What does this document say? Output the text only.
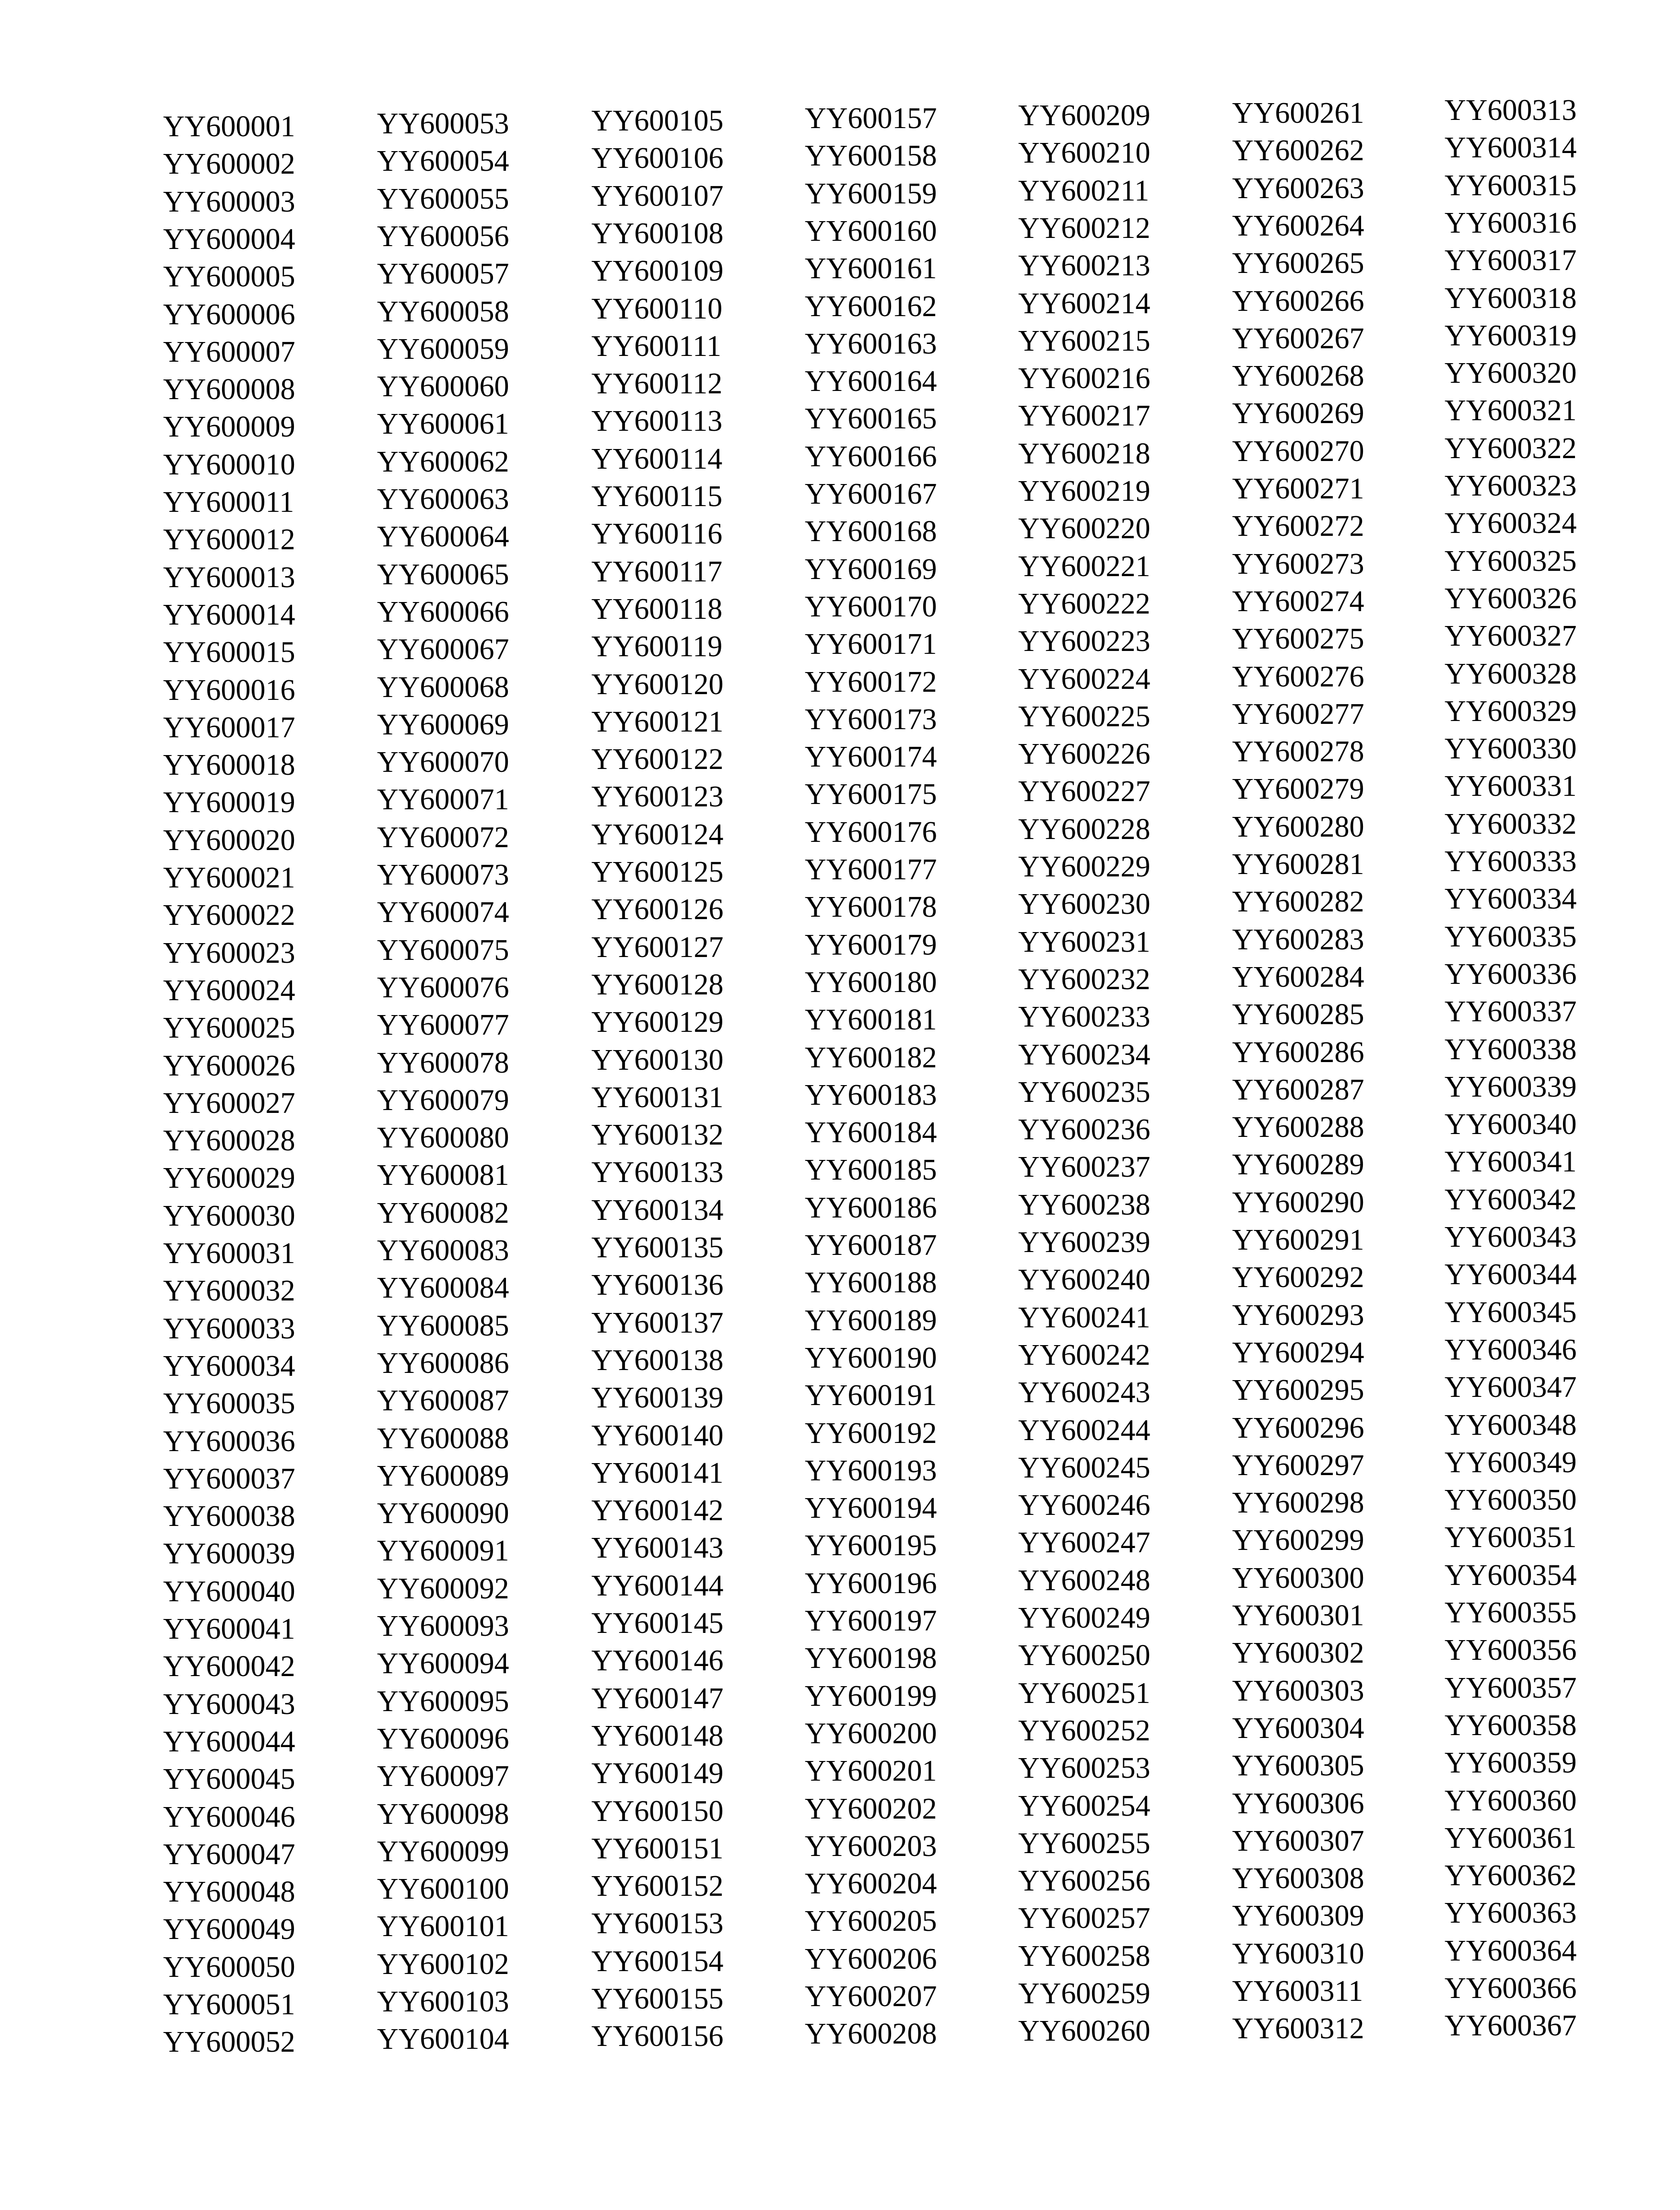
YY600001
YY600002
YY600003
YY600004
YY600005
YY600006
YY600007
YY600008
YY600009
YY600010
YY600011
YY600012
YY600013
YY600014
YY600015
YY600016
YY600017
YY600018
YY600019
YY600020
YY600021
YY600022
YY600023
YY600024
YY600025
YY600026
YY600027
YY600028
YY600029
YY600030
YY600031
YY600032
YY600033
YY600034
YY600035
YY600036
YY600037
YY600038
YY600039
YY600040
YY600041
YY600042
YY600043
YY600044
YY600045
YY600046
YY600047
YY600048
YY600049
YY600050
YY600051
YY600052
YY600053
YY600054
YY600055
YY600056
YY600057
YY600058
YY600059
YY600060
YY600061
YY600062
YY600063
YY600064
YY600065
YY600066
YY600067
YY600068
YY600069
YY600070
YY600071
YY600072
YY600073
YY600074
YY600075
YY600076
YY600077
YY600078
YY600079
YY600080
YY600081
YY600082
YY600083
YY600084
YY600085
YY600086
YY600087
YY600088
YY600089
YY600090
YY600091
YY600092
YY600093
YY600094
YY600095
YY600096
YY600097
YY600098
YY600099
YY600100
YY600101
YY600102
YY600103
YY600104
YY600105
YY600106
YY600107
YY600108
YY600109
YY600110
YY600111
YY600112
YY600113
YY600114
YY600115
YY600116
YY600117
YY600118
YY600119
YY600120
YY600121
YY600122
YY600123
YY600124
YY600125
YY600126
YY600127
YY600128
YY600129
YY600130
YY600131
YY600132
YY600133
YY600134
YY600135
YY600136
YY600137
YY600138
YY600139
YY600140
YY600141
YY600142
YY600143
YY600144
YY600145
YY600146
YY600147
YY600148
YY600149
YY600150
YY600151
YY600152
YY600153
YY600154
YY600155
YY600156
YY600157
YY600158
YY600159
YY600160
YY600161
YY600162
YY600163
YY600164
YY600165
YY600166
YY600167
YY600168
YY600169
YY600170
YY600171
YY600172
YY600173
YY600174
YY600175
YY600176
YY600177
YY600178
YY600179
YY600180
YY600181
YY600182
YY600183
YY600184
YY600185
YY600186
YY600187
YY600188
YY600189
YY600190
YY600191
YY600192
YY600193
YY600194
YY600195
YY600196
YY600197
YY600198
YY600199
YY600200
YY600201
YY600202
YY600203
YY600204
YY600205
YY600206
YY600207
YY600208
YY600209
YY600210
YY600211
YY600212
YY600213
YY600214
YY600215
YY600216
YY600217
YY600218
YY600219
YY600220
YY600221
YY600222
YY600223
YY600224
YY600225
YY600226
YY600227
YY600228
YY600229
YY600230
YY600231
YY600232
YY600233
YY600234
YY600235
YY600236
YY600237
YY600238
YY600239
YY600240
YY600241
YY600242
YY600243
YY600244
YY600245
YY600246
YY600247
YY600248
YY600249
YY600250
YY600251
YY600252
YY600253
YY600254
YY600255
YY600256
YY600257
YY600258
YY600259
YY600260
YY600261
YY600262
YY600263
YY600264
YY600265
YY600266
YY600267
YY600268
YY600269
YY600270
YY600271
YY600272
YY600273
YY600274
YY600275
YY600276
YY600277
YY600278
YY600279
YY600280
YY600281
YY600282
YY600283
YY600284
YY600285
YY600286
YY600287
YY600288
YY600289
YY600290
YY600291
YY600292
YY600293
YY600294
YY600295
YY600296
YY600297
YY600298
YY600299
YY600300
YY600301
YY600302
YY600303
YY600304
YY600305
YY600306
YY600307
YY600308
YY600309
YY600310
YY600311
YY600312
YY600313
YY600314
YY600315
YY600316
YY600317
YY600318
YY600319
YY600320
YY600321
YY600322
YY600323
YY600324
YY600325
YY600326
YY600327
YY600328
YY600329
YY600330
YY600331
YY600332
YY600333
YY600334
YY600335
YY600336
YY600337
YY600338
YY600339
YY600340
YY600341
YY600342
YY600343
YY600344
YY600345
YY600346
YY600347
YY600348
YY600349
YY600350
YY600351
YY600354
YY600355
YY600356
YY600357
YY600358
YY600359
YY600360
YY600361
YY600362
YY600363
YY600364
YY600366
YY600367
